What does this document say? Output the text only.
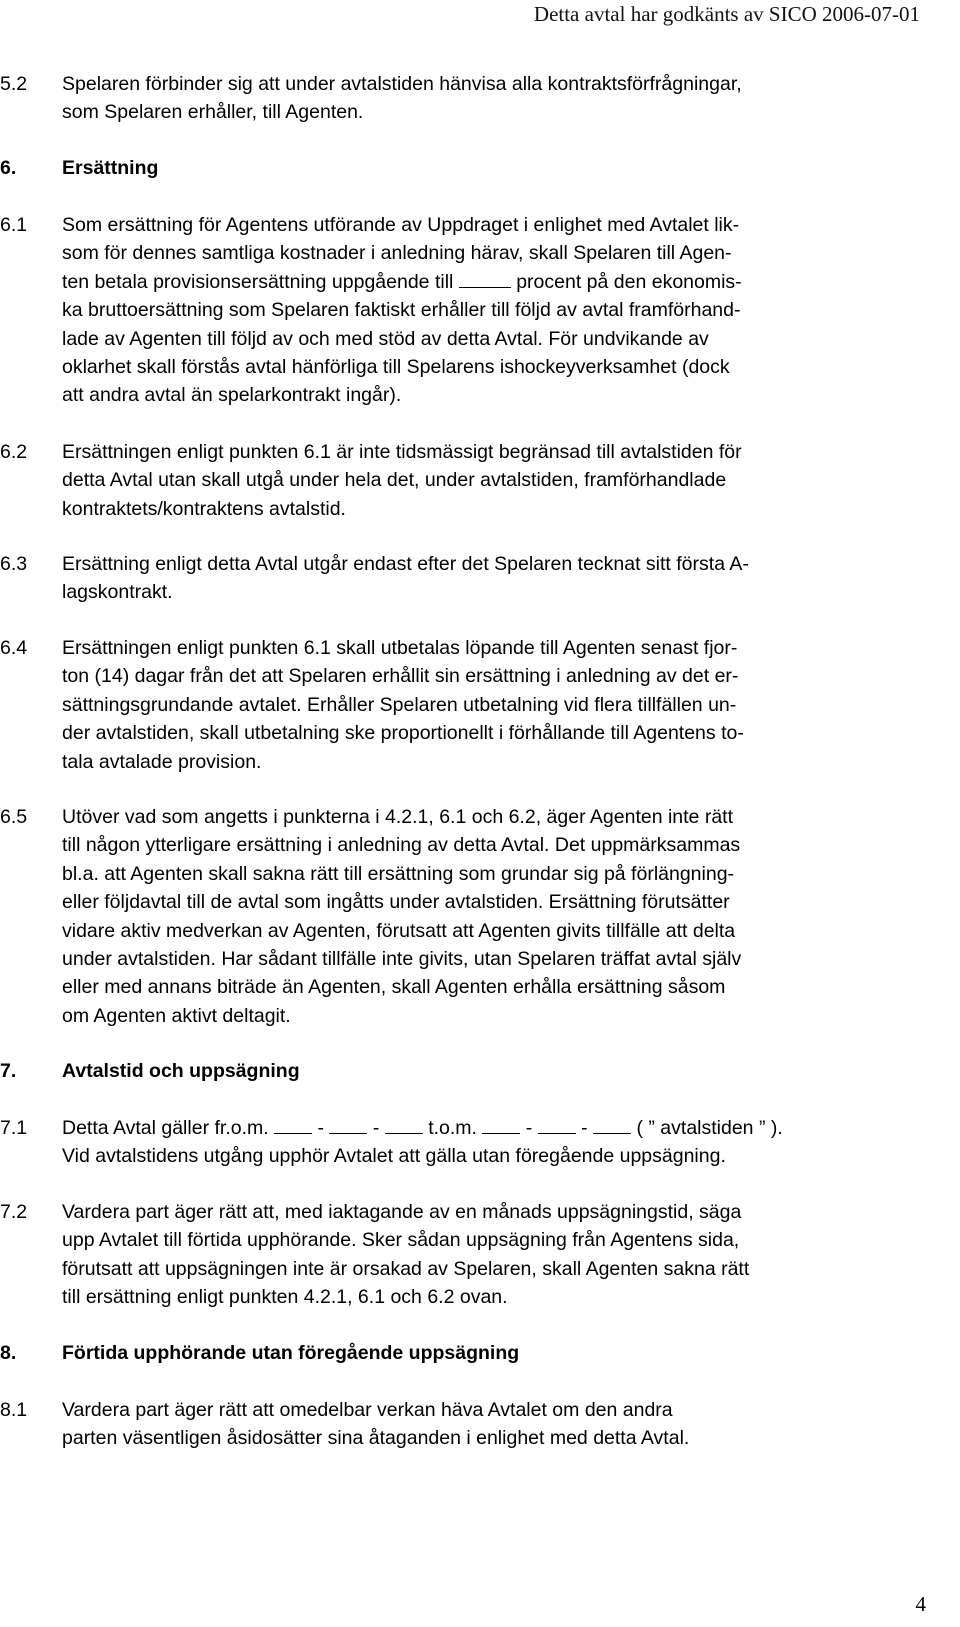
Detta avtal har godkänts av SICO 2006-07-01
5.2 Spelaren förbinder sig att under avtalstiden hänvisa alla kontraktsförfrågningar,
som Spelaren erhåller, till Agenten.
6. Ersättning
6.1 Som ersättning för Agentens utförande av Uppdraget i enlighet med Avtalet lik-
som för dennes samtliga kostnader i anledning härav, skall Spelaren till Agen-
ten betala provisionsersättning uppgående till	procent på den ekonomis-
ka bruttoersättning som Spelaren faktiskt erhåller till följd av avtal framförhand-
lade av Agenten till följd av och med stöd av detta Avtal. För undvikande av
oklarhet skall förstås avtal hänförliga till Spelarens ishockeyverksamhet (dock
att andra avtal än spelarkontrakt ingår).
6.2 Ersättningen enligt punkten 6.1 är inte tidsmässigt begränsad till avtalstiden för
detta Avtal utan skall utgå under hela det, under avtalstiden, framförhandlade
kontraktets/kontraktens avtalstid.
6.3 Ersättning enligt detta Avtal utgår endast efter det Spelaren tecknat sitt första A-
lagskontrakt.
6.4 Ersättningen enligt punkten 6.1 skall utbetalas löpande till Agenten senast fjor-
ton (14) dagar från det att Spelaren erhållit sin ersättning i anledning av det er-
sättningsgrundande avtalet. Erhåller Spelaren utbetalning vid flera tillfällen un-
der avtalstiden, skall utbetalning ske proportionellt i förhållande till Agentens to-
tala avtalade provision.
6.5 Utöver vad som angetts i punkterna i 4.2.1, 6.1 och 6.2, äger Agenten inte rätt
till någon ytterligare ersättning i anledning av detta Avtal. Det uppmärksammas
bl.a. att Agenten skall sakna rätt till ersättning som grundar sig på förlängning-
eller följdavtal till de avtal som ingåtts under avtalstiden. Ersättning förutsätter
vidare aktiv medverkan av Agenten, förutsatt att Agenten givits tillfälle att delta
under avtalstiden. Har sådant tillfälle inte givits, utan Spelaren träffat avtal själv
eller med annans biträde än Agenten, skall Agenten erhålla ersättning såsom
om Agenten aktivt deltagit.
7. Avtalstid och uppsägning
7.1 Detta Avtal gäller fr.o.m.	-	-	t.o.m.	-	-	( ” avtalstiden ” ).
Vid avtalstidens utgång upphör Avtalet att gälla utan föregående uppsägning.
7.2 Vardera part äger rätt att, med iaktagande av en månads uppsägningstid, säga
upp Avtalet till förtida upphörande. Sker sådan uppsägning från Agentens sida,
förutsatt att uppsägningen inte är orsakad av Spelaren, skall Agenten sakna rätt
till ersättning enligt punkten 4.2.1, 6.1 och 6.2 ovan.
8. Förtida upphörande utan föregående uppsägning
8.1 Vardera part äger rätt att omedelbar verkan häva Avtalet om den andra
parten väsentligen åsidosätter sina åtaganden i enlighet med detta Avtal.
4
